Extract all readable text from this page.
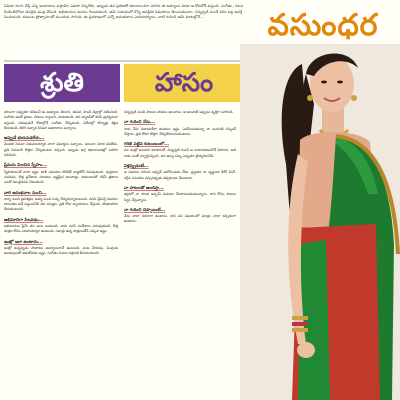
సినిమా రంగం చేస్తే ఎన్ని అవకాశాలు వస్తాయో ఎవరూ చెప్పలేరు. ఇప్పుడు తన ప్రతిభతో కథానాయికగా ఎదిగిన ఈ అమ్మాయి కూడా ఆ కోవలోకే వస్తుంది. సంగీతం, నటన రెండింటిలోనూ తనదైన ముద్ర వేసింది. అభిమానుల మనసు గెలుచుకుంది. ఆమె పయనంలో కొన్ని ఆసక్తికర విషయాలు తెలుసుకుందాం. చిన్నప్పటి నుంచే కళల పట్ల ఆసక్తి పెంచుకుంది. కుటుంబ ప్రోత్సాహంతో ముందుకు సాగింది. ఈ ప్రయాణంలో ఎన్నో అనుభవాలు ఎదురయ్యాయి. వాటి గురించి ఆమె మాటల్లోనే...	వసుంధర
శ్రుతి	హాసం
హాయిగా నవ్వుతూ కనిపించే ఈ అమ్మాయి తెలుగు, తమిళ, హిందీ చిత్రాల్లో నటించింది. సంగీతం అంటే ప్రాణం. పాటలు రాస్తుంది, పాడుతుంది. తన బ్యాండ్‌తో కలిసి ప్రదర్శనలూ ఇస్తుంది. చదువుకునే రోజుల్లోనే సంగీతం నేర్చుకుంది. విదేశాల్లో కొన్నాళ్లు శిక్షణ తీసుకుంది. తిరిగి వచ్చాక సినిమా అవకాశాలు వచ్చాయి.
అప్పుడే భయపడలేదు...
మొదటి సినిమా విడుదలయ్యాక చాలా విమర్శలు వచ్చాయి. అయినా నిరాశ పడలేదు. ప్రతి సినిమాకి కొత్తగా నేర్చుకుంటూ వచ్చింది. ఇప్పుడు అగ్ర కథానాయికల్లో ఒకరిగా నిలిచింది.
ప్రేమను మించిన స్నేహం...
స్నేహితులంటే చాలా ఇష్టం. ఖాళీ సమయం దొరికితే వాళ్లతోనే గడుపుతుంది. పుస్తకాలు చదవడం, కొత్త ప్రదేశాలు చూడటం ఇష్టమైన అలవాట్లు. కుటుంబంతో గడిపే క్షణాలు ఎంతో విలువైనవని చెబుతుంది.
వారి అనుభవాల నుంచి...
నాన్న నుంచి క్రమశిక్షణ, అమ్మ నుంచి ఓర్పు నేర్చుకున్నానంటుంది. పనిని ప్రేమిస్తే విజయం దానంతట అదే వస్తుందనేది తన నమ్మకం. ప్రతి రోజు వ్యాయామం చేస్తుంది. పోషకాహారం తీసుకుంటుంది.
అభిమానిగా పిలవడం...
అభిమానుల ప్రేమే తన బలం అంటుంది. వారు పంపే సందేశాలు చదువుతుంది. కొత్త పాత్రల కోసం ఎదురుచూస్తూ ఉంటుంది. సవాళ్లు ఉన్న పాత్రలంటేనే ఎక్కువ ఇష్టం.
ఇంట్లో ఇలా ఉంటాను...
ఇంట్లో ఉన్నప్పుడు సాధారణ అమ్మాయిలానే ఉంటుంది. వంట చేయడం, పెంపుడు జంతువులతో ఆడుకోవడం ఇష్టం. సంగీతం వింటూ విశ్రాంతి తీసుకుంటుంది.
చిన్నప్పటి నుంచీ పాటలు పాడటం అలవాటు. ఆ అలవాటే ఇప్పుడు వృత్తిగా మారింది.
నా గురించి నేను...
నాకు నేను నిజాయతీగా ఉండటం ఇష్టం. ఎవరేమనుకున్నా నా మనసుకి నచ్చిందే చేస్తాను. ప్రతి రోజూ కొత్తగా నేర్చుకోవాలనుకుంటాను.
గరిటె పట్టిన కుటుంబంలో...
మా ఇంట్లో అందరూ కళాకారులే. చిన్నప్పటి నుంచీ ఆ వాతావరణంలోనే పెరిగాను. అది నాకు ఎంతో స్ఫూర్తినిచ్చింది. మా అమ్మ నన్ను ఎప్పుడూ ప్రోత్సహించేది.
పెళ్లెప్పుడంటే...
ఆ విషయం గురించి ఇప్పుడే ఆలోచించడం లేదు. ప్రస్తుతం నా దృష్టంతా కెరీర్ మీదే. సరైన సమయం వచ్చినప్పుడు తప్పకుండా చెబుతాను.
నా పాటలతో అలరిస్తా...
త్వరలో నా సొంత ఆల్బమ్ విడుదల చేయాలనుకుంటున్నాను. దాని కోసం పాటలు సిద్ధం చేస్తున్నాను.
నా గురించి చెప్పాలంటే...
నేను చాలా సరదాగా ఉంటాను. కానీ పని విషయంలో మాత్రం చాలా కచ్చితంగా ఉంటాను.
